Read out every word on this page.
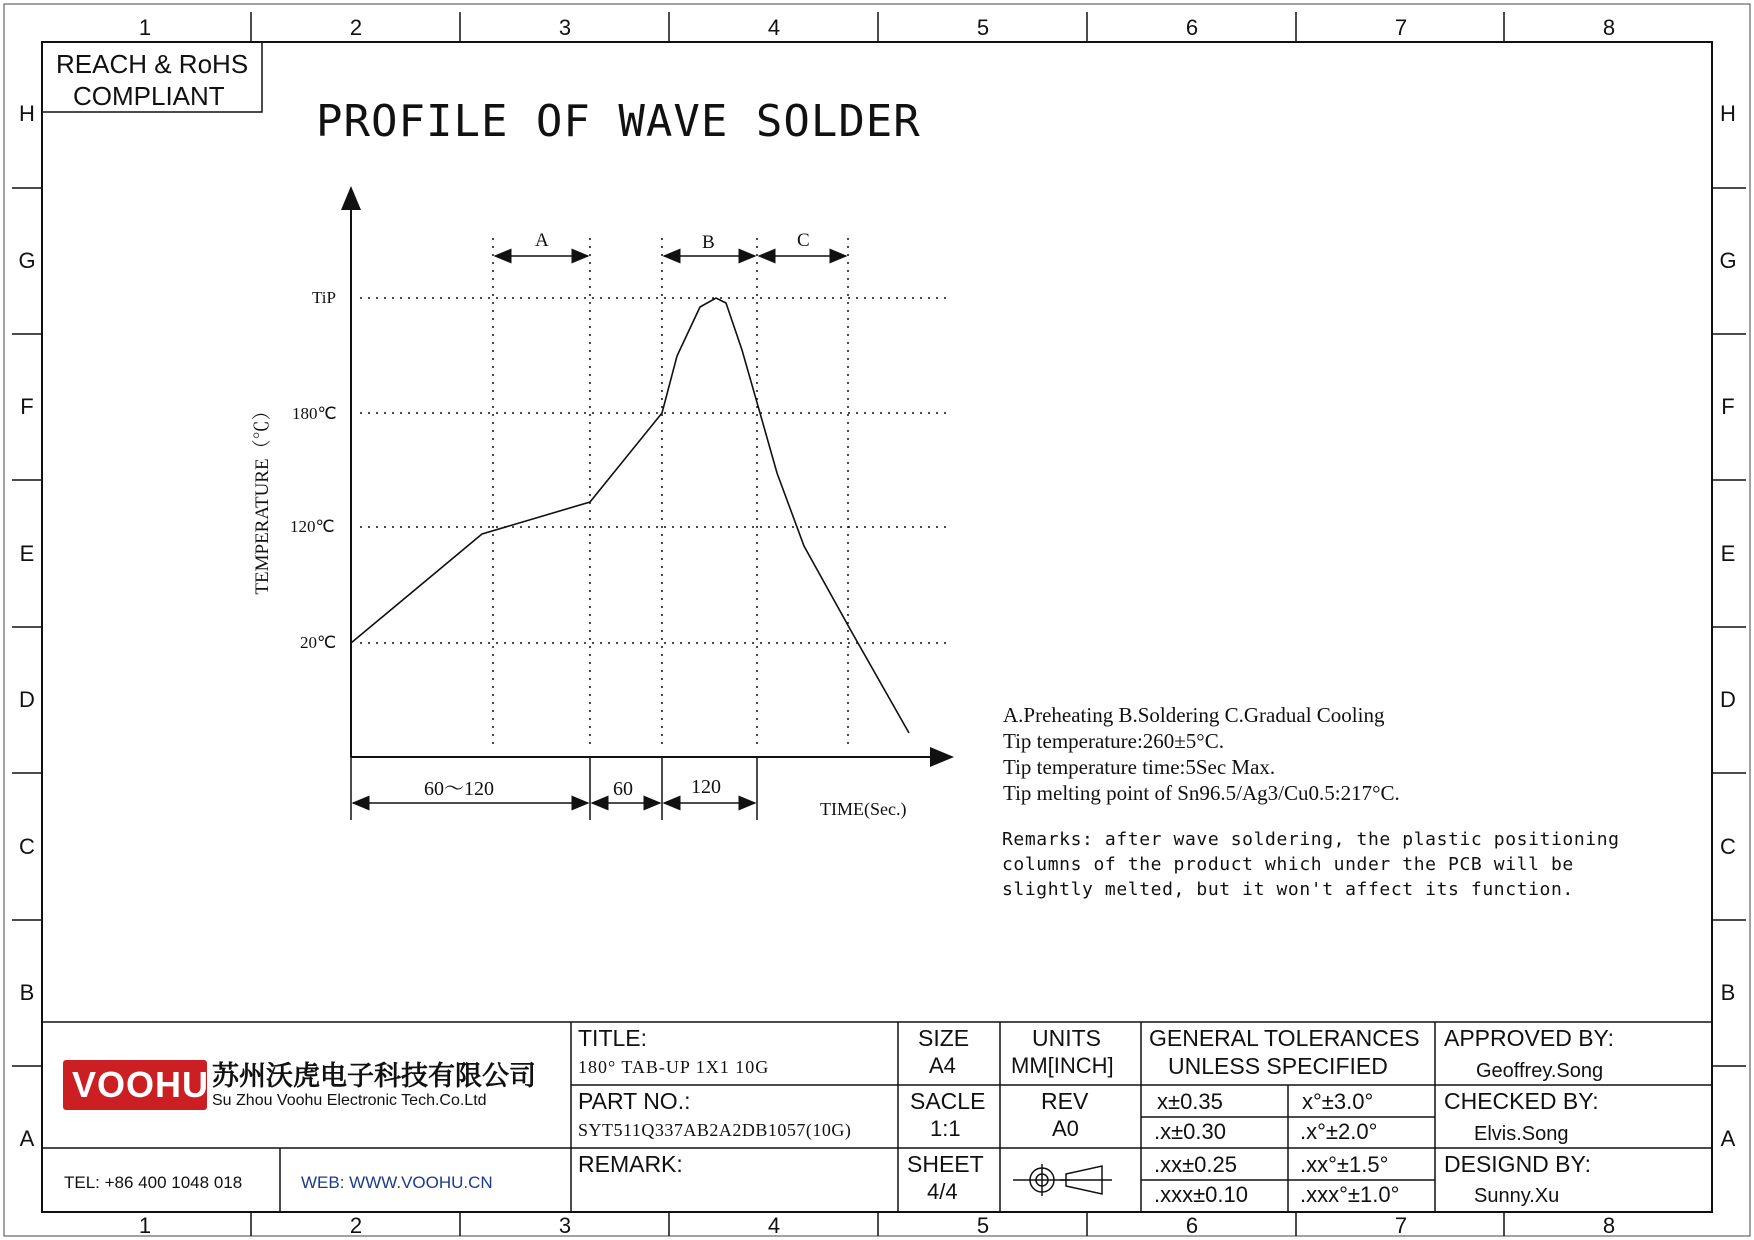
1	2	3	4	5	6	7	8
1	2	3	4	5	6	7	8
H
G
F
E
D
C
B
A
H
G
F
E
D
C
B
A
REACH & RoHS
COMPLIANT PROFILE OF WAVE SOLDER
A	B	C
TiP
180℃
120℃
20℃
TEMPERATURE（℃）
60～120	60	120
TIME(Sec.)
A.Preheating B.Soldering C.Gradual Cooling
Tip temperature:260±5°C.
Tip temperature time:5Sec Max.
Tip melting point of Sn96.5/Ag3/Cu0.5:217°C.
Remarks: after wave soldering, the plastic positioning columns of the product which under the PCB will be slightly melted, but it won't affect its function.
VOOHU 苏州沃虎电子科技有限公司
Su Zhou Voohu Electronic Tech.Co.Ltd
TEL: +86 400 1048 018	WEB: WWW.VOOHU.CN
TITLE:
180° TAB-UP 1X1 10G
PART NO.:
SYT511Q337AB2A2DB1057(10G)
REMARK:
SIZE
A4
SACLE
1:1
SHEET
4/4
UNITS
MM[INCH]
REV
A0
GENERAL TOLERANCES
UNLESS SPECIFIED
x±0.35	x°±3.0°
.x±0.30	.x°±2.0°
.xx±0.25	.xx°±1.5°
.xxx±0.10 .xxx°±1.0°
APPROVED BY:
Geoffrey.Song
CHECKED BY:
Elvis.Song
DESIGND BY:
Sunny.Xu
